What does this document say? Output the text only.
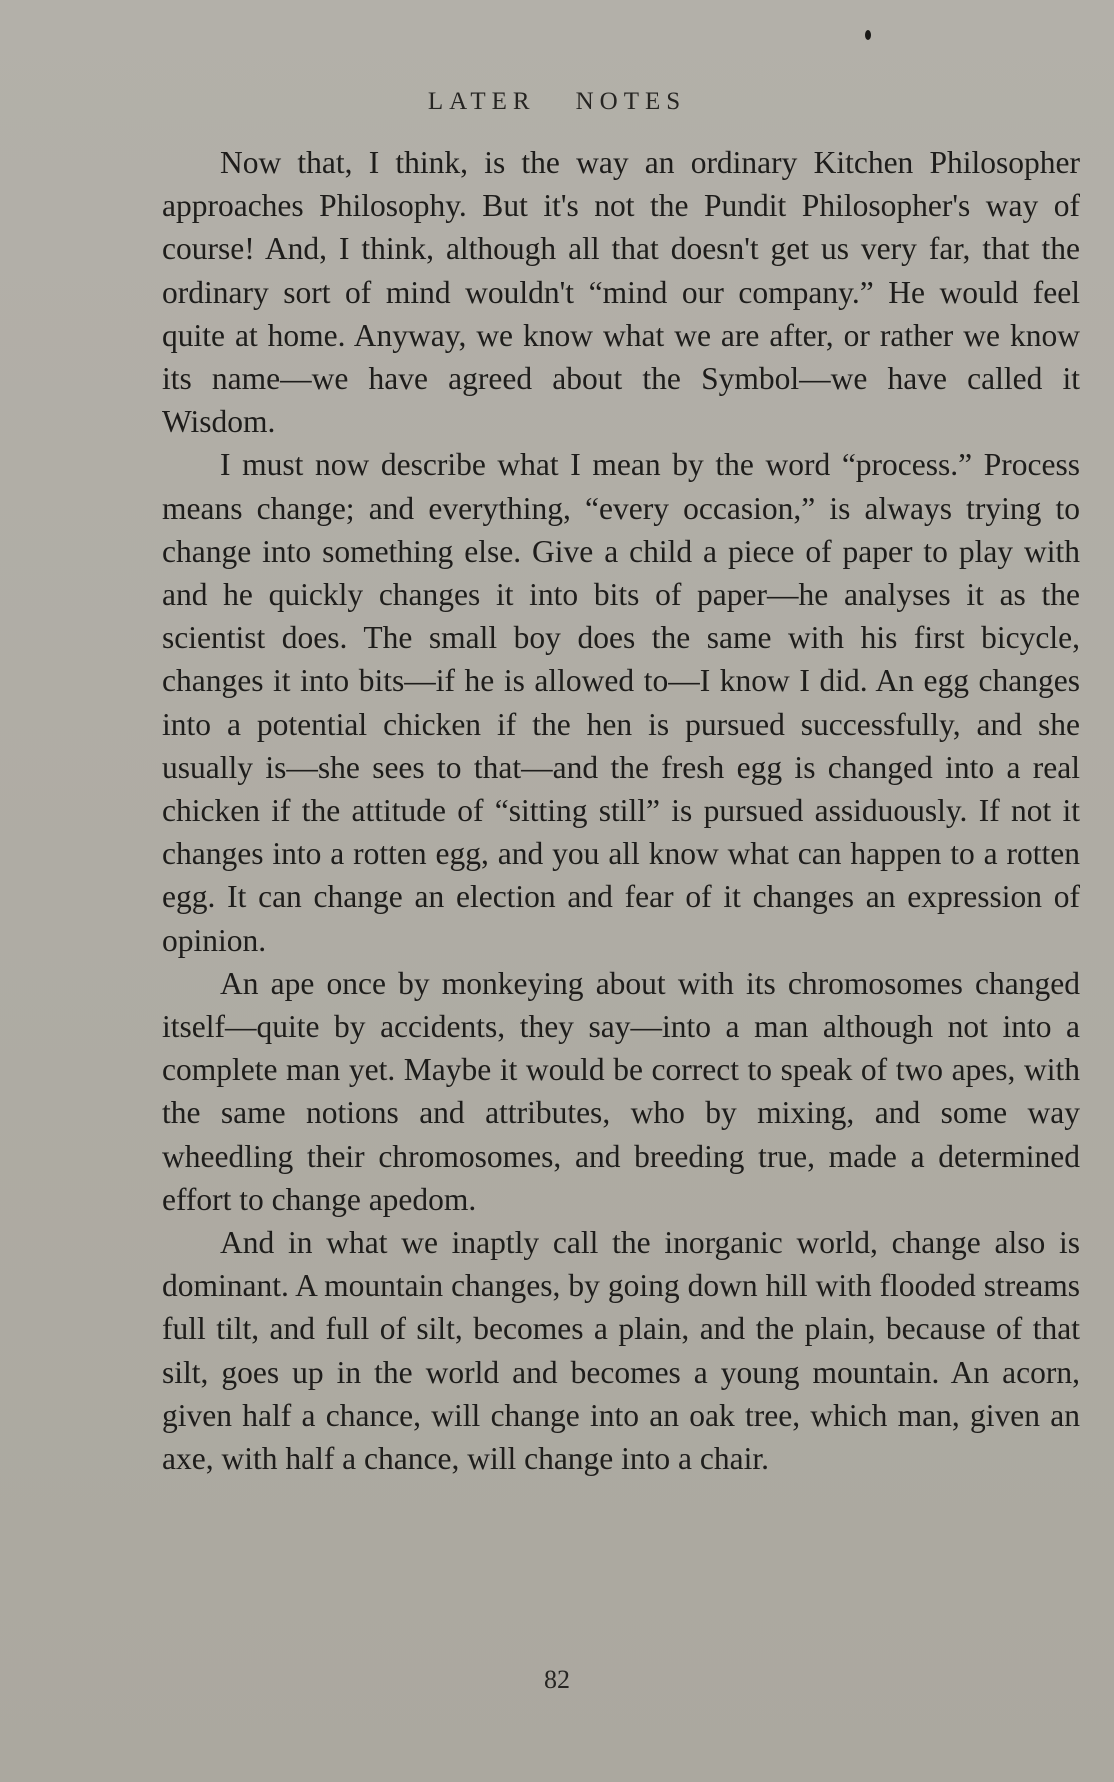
LATER NOTES

Now that, I think, is the way an ordinary Kitchen Philosopher approaches Philosophy. But it's not the Pundit Philosopher's way of course! And, I think, although all that doesn't get us very far, that the ordinary sort of mind wouldn't “mind our company.” He would feel quite at home. Anyway, we know what we are after, or rather we know its name—we have agreed about the Symbol—we have called it Wisdom.

I must now describe what I mean by the word “process.” Process means change; and everything, “every occasion,” is always trying to change into something else. Give a child a piece of paper to play with and he quickly changes it into bits of paper—he analyses it as the scientist does. The small boy does the same with his first bicycle, changes it into bits—if he is allowed to—I know I did. An egg changes into a potential chicken if the hen is pursued successfully, and she usually is—she sees to that—and the fresh egg is changed into a real chicken if the attitude of “sitting still” is pursued assiduously. If not it changes into a rotten egg, and you all know what can happen to a rotten egg. It can change an election and fear of it changes an expression of opinion.

An ape once by monkeying about with its chromosomes changed itself—quite by accidents, they say—into a man although not into a complete man yet. Maybe it would be correct to speak of two apes, with the same notions and attributes, who by mixing, and some way wheedling their chromosomes, and breeding true, made a determined effort to change apedom.

And in what we inaptly call the inorganic world, change also is dominant. A mountain changes, by going down hill with flooded streams full tilt, and full of silt, becomes a plain, and the plain, because of that silt, goes up in the world and becomes a young mountain. An acorn, given half a chance, will change into an oak tree, which man, given an axe, with half a chance, will change into a chair.

82
